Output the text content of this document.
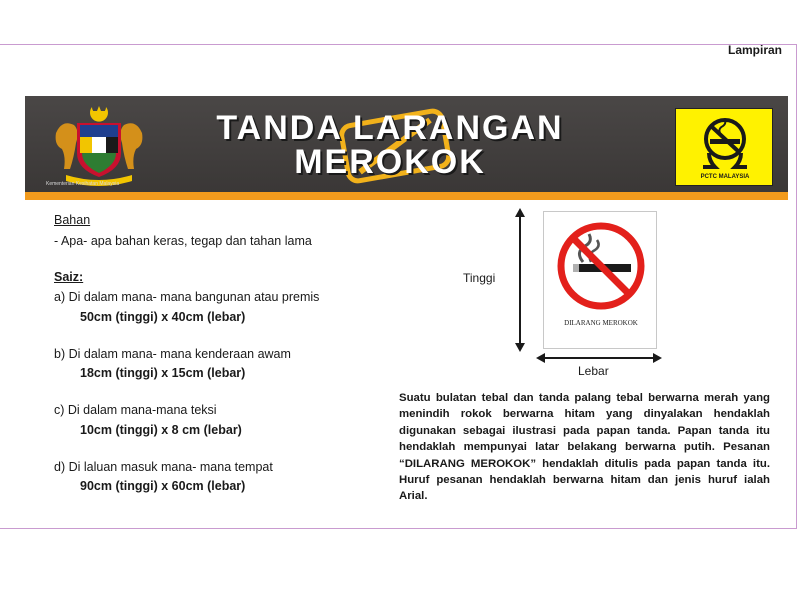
Lampiran
Kementerian Kesihatan Malaysia
TANDA LARANGAN
MEROKOK	PCTC MALAYSIA
Bahan
- Apa- apa bahan keras, tegap dan tahan lama
Saiz:
a) Di dalam mana- mana bangunan atau premis
50cm (tinggi) x 40cm (lebar)
b) Di dalam mana- mana kenderaan awam
18cm (tinggi) x 15cm (lebar)
c) Di dalam mana-mana teksi
10cm (tinggi) x 8 cm (lebar)
d) Di laluan masuk mana- mana tempat
90cm (tinggi) x 60cm (lebar)
Tinggi
Lebar
DILARANG MEROKOK
Suatu bulatan tebal dan tanda palang tebal berwarna merah yang menindih rokok berwarna hitam yang dinyalakan hendaklah digunakan sebagai ilustrasi pada papan tanda. Papan tanda itu hendaklah mempunyai latar belakang berwarna putih. Pesanan “DILARANG MEROKOK” hendaklah ditulis pada papan tanda itu. Huruf pesanan hendaklah berwarna hitam dan jenis huruf ialah Arial.
